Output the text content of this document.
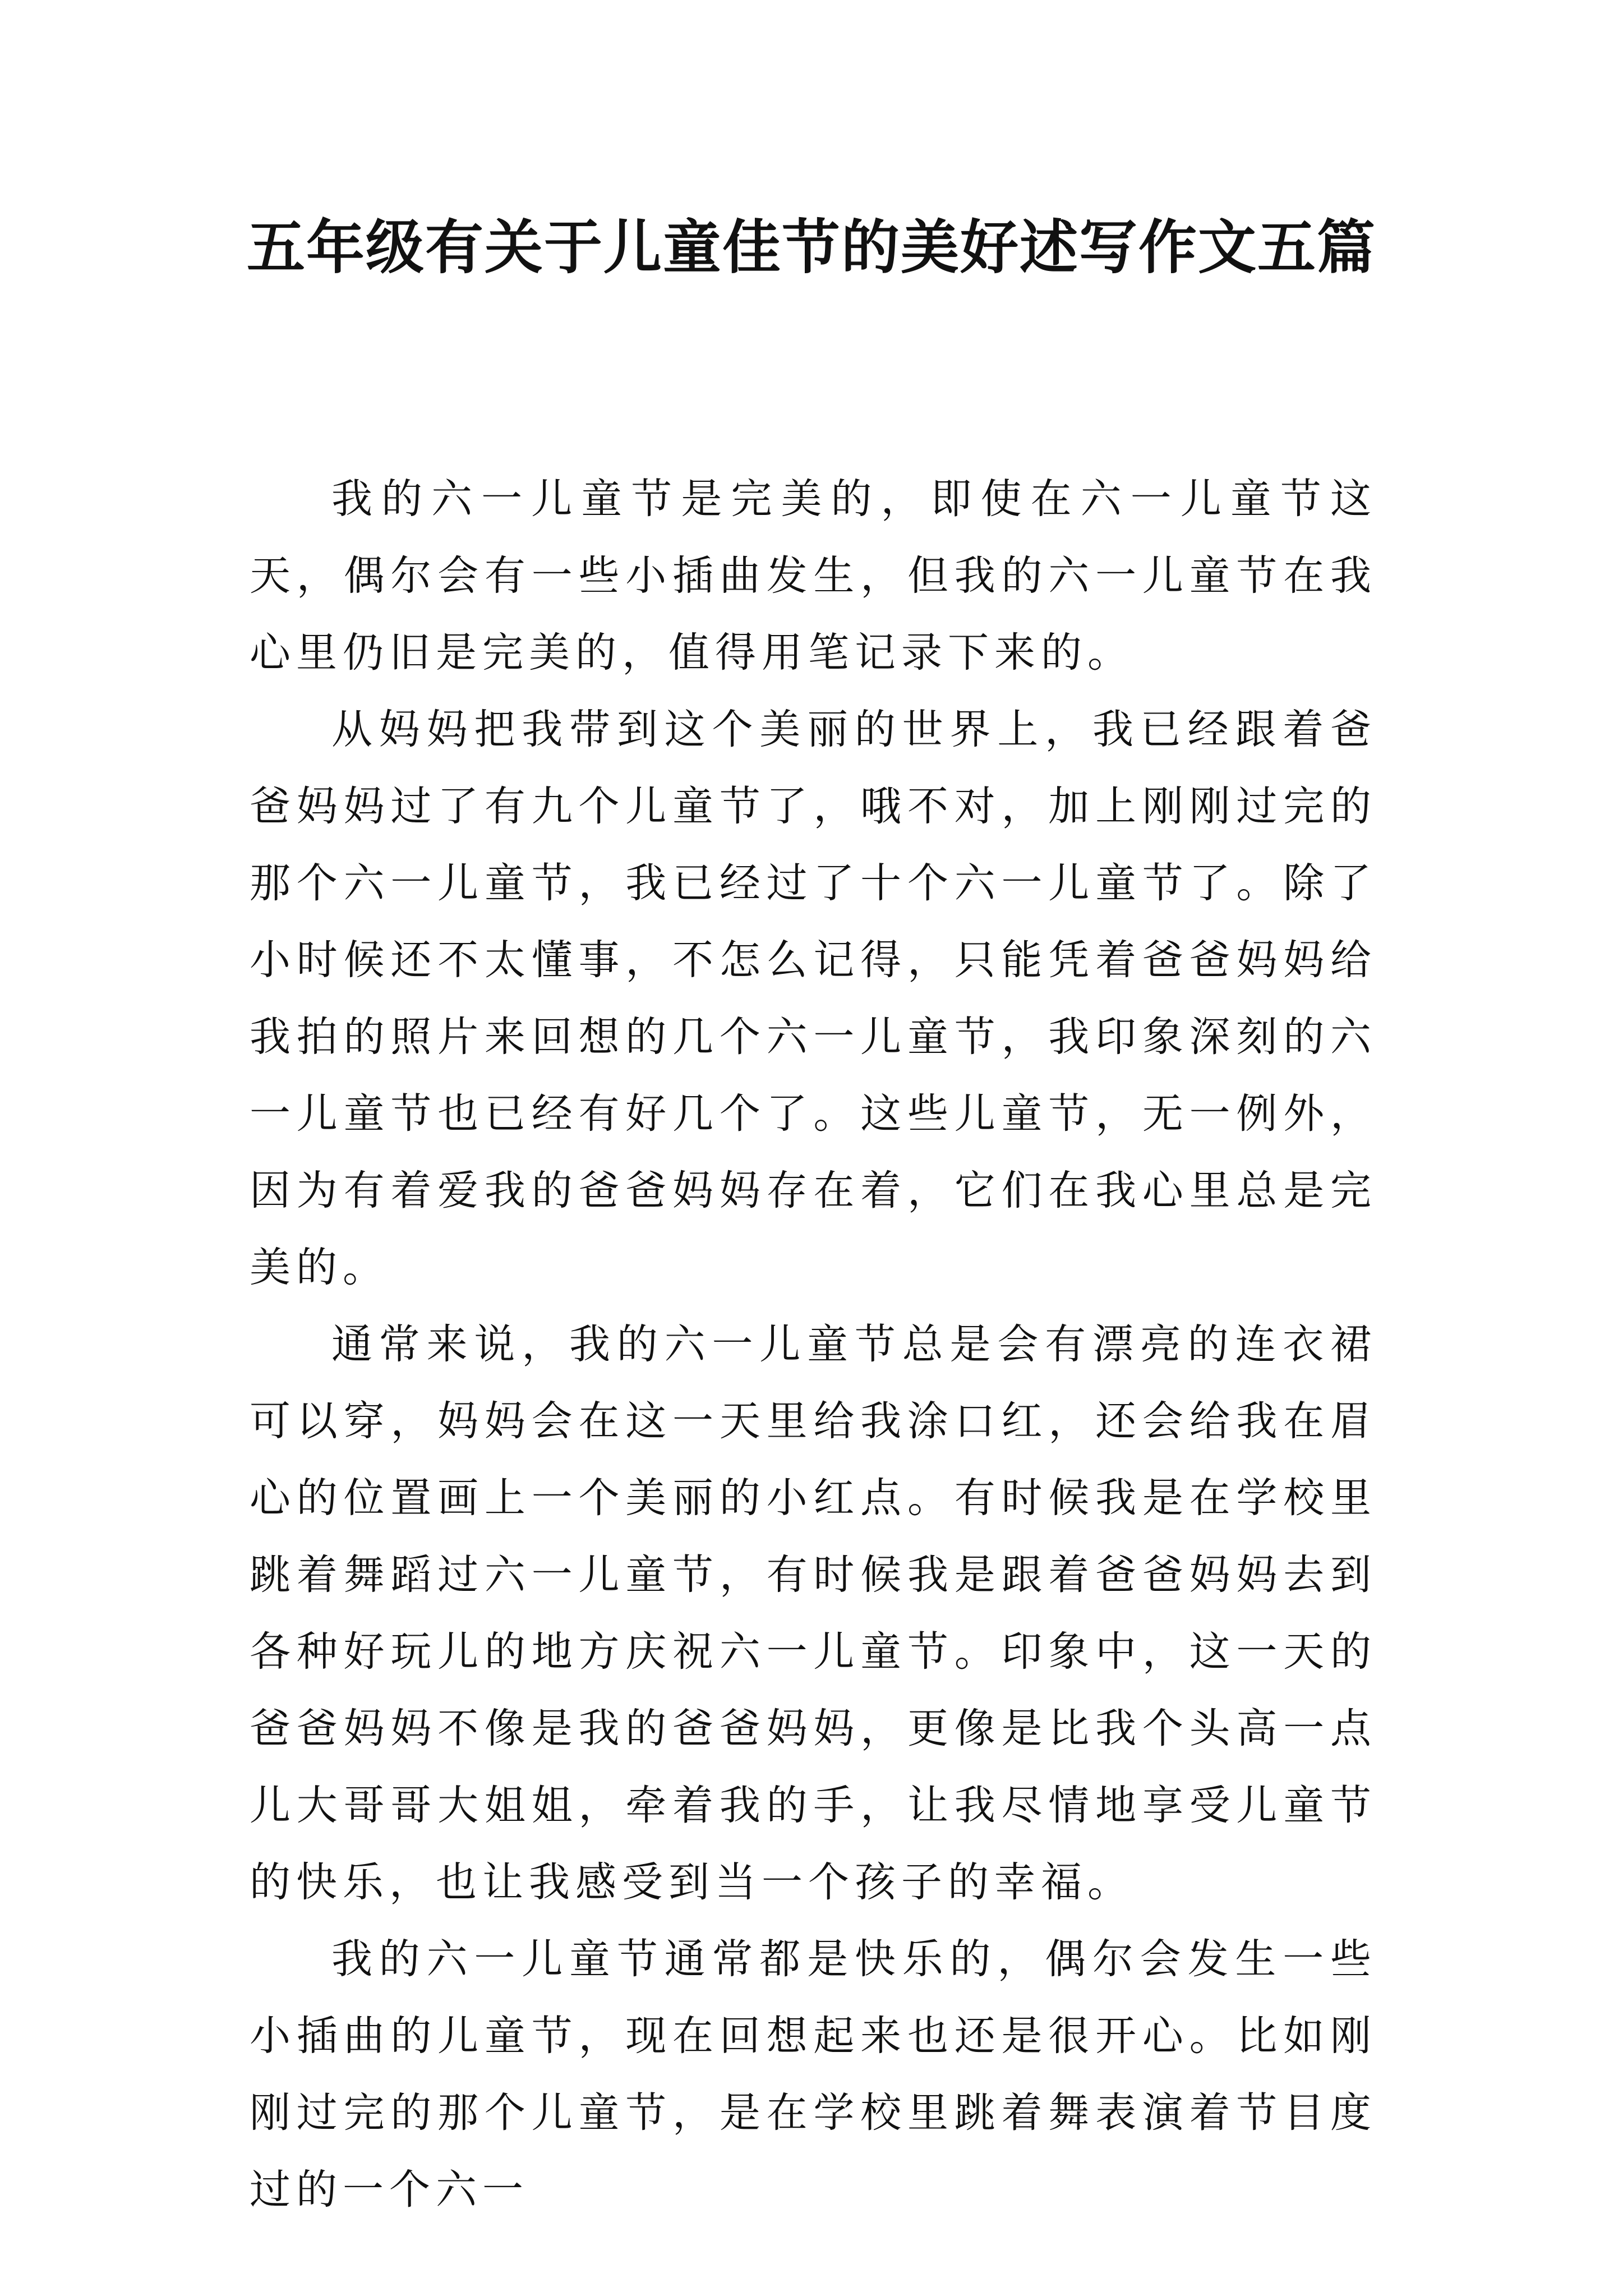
五年级有关于儿童佳节的美好述写作文五篇

我的六一儿童节是完美的，即使在六一儿童节这天，偶尔会有一些小插曲发生，但我的六一儿童节在我心里仍旧是完美的，值得用笔记录下来的。

从妈妈把我带到这个美丽的世界上，我已经跟着爸爸妈妈过了有九个儿童节了，哦不对，加上刚刚过完的那个六一儿童节，我已经过了十个六一儿童节了。除了小时候还不太懂事，不怎么记得，只能凭着爸爸妈妈给我拍的照片来回想的几个六一儿童节，我印象深刻的六一儿童节也已经有好几个了。这些儿童节，无一例外，因为有着爱我的爸爸妈妈存在着，它们在我心里总是完美的。

通常来说，我的六一儿童节总是会有漂亮的连衣裙可以穿，妈妈会在这一天里给我涂口红，还会给我在眉心的位置画上一个美丽的小红点。有时候我是在学校里跳着舞蹈过六一儿童节，有时候我是跟着爸爸妈妈去到各种好玩儿的地方庆祝六一儿童节。印象中，这一天的爸爸妈妈不像是我的爸爸妈妈，更像是比我个头高一点儿大哥哥大姐姐，牵着我的手，让我尽情地享受儿童节的快乐，也让我感受到当一个孩子的幸福。

我的六一儿童节通常都是快乐的，偶尔会发生一些小插曲的儿童节，现在回想起来也还是很开心。比如刚刚过完的那个儿童节，是在学校里跳着舞表演着节目度过的一个六一
